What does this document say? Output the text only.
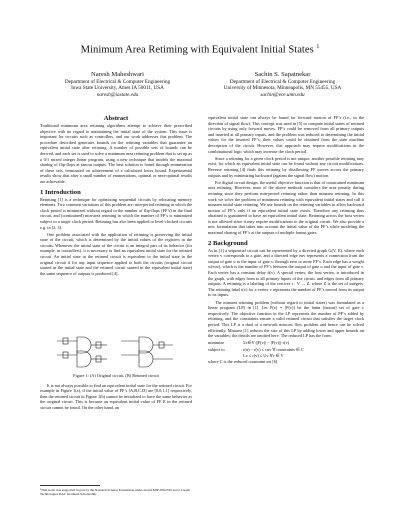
Minimum Area Retiming with Equivalent Initial States $^1$
Naresh Maheshwari
Department of Electrical & Computer Engineering
Iowa State University, Ames IA 50011, USA
naresh@iastate.edu
Sachin S. Sapatnekar
Department of Electrical & Computer Engineering
University of Minnesota, Minneapolis, MN 55455, USA
sachin@ece.umn.edu
Abstract

Traditional minimum area retiming algorithms attempt to achieve their prescribed objective with no regard to maintaining the initial state of the system. This issue is important for circuits such as controllers, and our work addresses this problem. The procedure described generates bounds on the retiming variables that guarantee an equivalent initial state after retiming. A number of possible sets of bounds can be derived, and each set is used to solve a minimum area retiming problem that is set up as a 0/1 mixed integer linear program, using a new technique that models the maximal sharing of flip-flops at fanout outputs. The best solution is found through enumeration of these sets, terminated on achievement of a calculated lower bound. Experimental results show that after a small number of enumerations, optimal or near-optimal results are achievable.

1 Introduction

Retiming [1] is a technique for optimizing sequential circuits by relocating memory elements. Two common variations of this problem are: min-period retiming in which the clock period is minimized without regard to the number of flip-flops (FF’s) in the final circuit, and (constrained) min-area retiming in which the number of FF’s is minimized subject to a target clock period. Retiming has also been applied to level-clocked circuits e.g. in [2, 3].

One problem associated with the application of retiming is preserving the initial state of the circuit, which is determined by the initial values of the registers in the circuits. Whenever the initial state of the circuit is an integral part of its behavior (for example, in controllers), it is necessary to find an equivalent initial state for the retimed circuit. An initial state in the retimed circuit is equivalent to the initial state in the original circuit if for any input sequence applied to both the circuits (original circuit started in the initial state and the retimed circuit started in the equivalent initial state) the same sequence of outputs is produced [4].

Figure 1: (A) Original circuit. (B) Retimed circuit

It is not always possible to find an equivalent initial state for the retimed circuit. For example in Figure 1(a), if the initial value of FF’s [A,B,C,D] are [0,0,1,1] respectively, then the retimed circuit in Figure 1(b) cannot be initialized to have the same behavior as the original circuit. This is because an equivalent initial value of FF E in the retimed circuit cannot be found. On the other hand, an

¹This work was supported in part by the National Science Foundation under award MIP-9502556 and a Lucent Technologies DAC Graduate Scholarship.

equivalent initial state can always be found for forward motion of FF’s (i.e., in the direction of signal flow). This concept was used in [5] to compute initial states of retimed circuits by using only forward moves. FF’s could be removed from all primary outputs and inserted at all primary inputs, and the problem was reduced to determining the initial values for the inserted FF’s; their values could be obtained from the state machine description of the circuit. However, this approach may require modifications in the combinational logic which may increase the clock period.

Since a retiming for a given clock period is not unique, another possible retiming may exist, for which an equivalent initial state can be found without any circuit modifications. Reverse retiming [4] finds this retiming by disallowing FF moves across the primary outputs and by minimizing backward (against the signal flow) motion.

For digital circuit design, the useful objective function is that of constrained minimum area retiming. However, none of the above methods considers the area penalty during retiming since they perform min-period retiming rather than minarea retiming. In this work we solve the problem of minimum retiming with equivalent initial states and call it minarea initial state retiming. We use bounds on the retiming variables to allow backward motion of FF’s only if an equivalent initial state exists. Therefore any retiming thus obtained is guaranteed to have an equivalent initial state. Retiming across the host vertex is not allowed since it may require modifications to the original circuit. We also provide a new formulation that takes into account the initial value of the FF’s while modeling the maximal sharing of FF’s at the outputs of multiple fanout gates.

2 Background

As in [1] a sequential circuit can be represented by a directed graph G(V, E), where each vertex v corresponds to a gate, and a directed edge euv represents a connection from the output of gate u to the input of gate v, through zero or more FF’s. Each edge has a weight w(euv), which is the number of FF’s between the output of gate u and the input of gate v. Each vertex has a constant delay d(v). A special vertex, the host vertex, is introduced in the graph, with edges from to all primary inputs of the circuit, and edges from all primary outputs. A retiming is a labeling of the vertices r : V → Z, where Z is the set of integers. The retiming label r(v) for a vertex v represents the number of FF’s moved from its output to its inputs.

The minarea retiming problem (without regard to initial states) was formulated as a linear program (LP) in [1]. Let F(v) = [F(v)] be the fanin [fanout] set of gate v respectively. The objective function in the LP represents the number of FF’s added by retiming, and the constraints ensure a valid retimed circuit that satisfies the target clock period. This LP is a dual of a network mincost flow problem and hence can be solved efficiently. Minarea [1] reduces the size of this LP by adding lower and upper bounds on the variables; the details are omitted here. The reduced LP has the form:

minimize	Σv∈V (|F(v)| − |F(v)|)·r(v)
subject to	r(u) − r(v) ≤ cuv ∀ constraints ∈ C
Lv ≤ r(v) ≤ Uv ∀v ∈ V

where C is the reduced constraint set [6].
